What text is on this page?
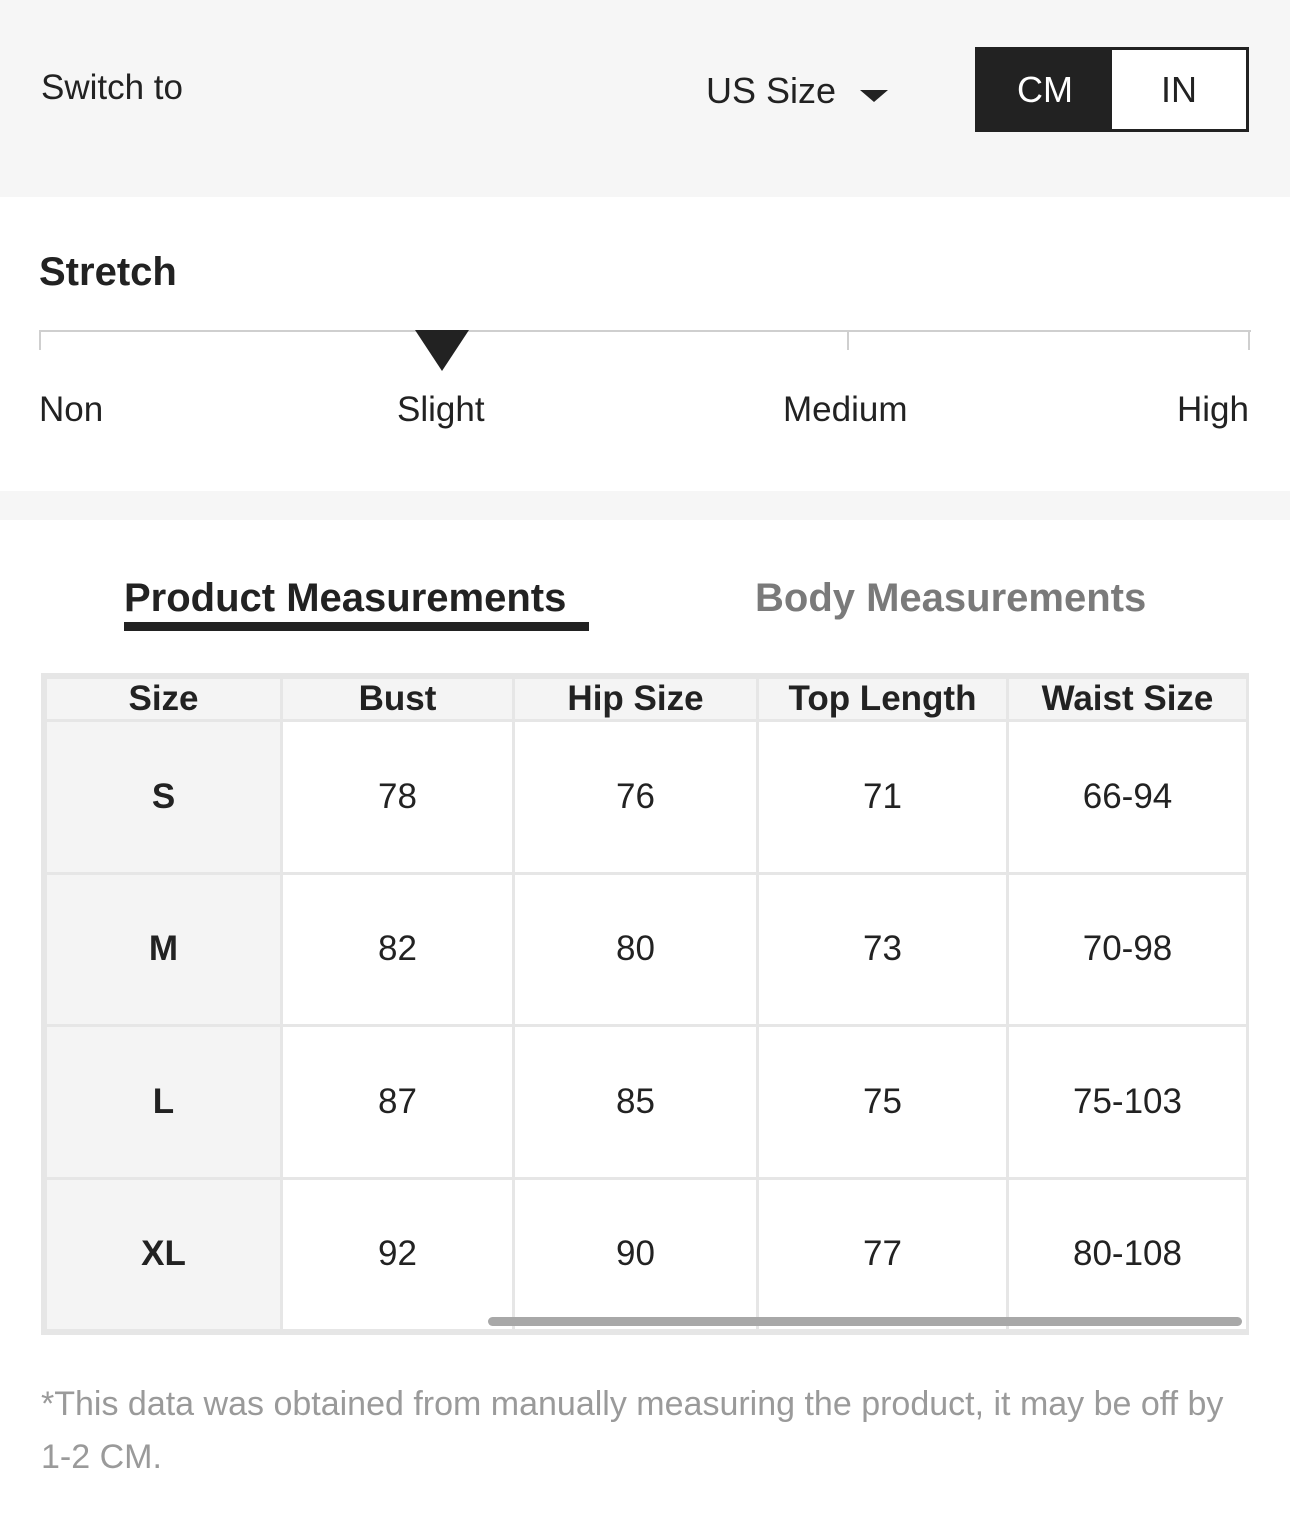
Switch to	US Size	CM	IN
Stretch
Non	Slight	Medium	High
Product Measurements	Body Measurements
Size	Bust	Hip Size	Top Length	Waist Size
S	78	76	71	66-94
M	82	80	73	70-98
L	87	85	75	75-103
XL	92	90	77	80-108
*This data was obtained from manually measuring the product, it may be off by 1-2 CM.
